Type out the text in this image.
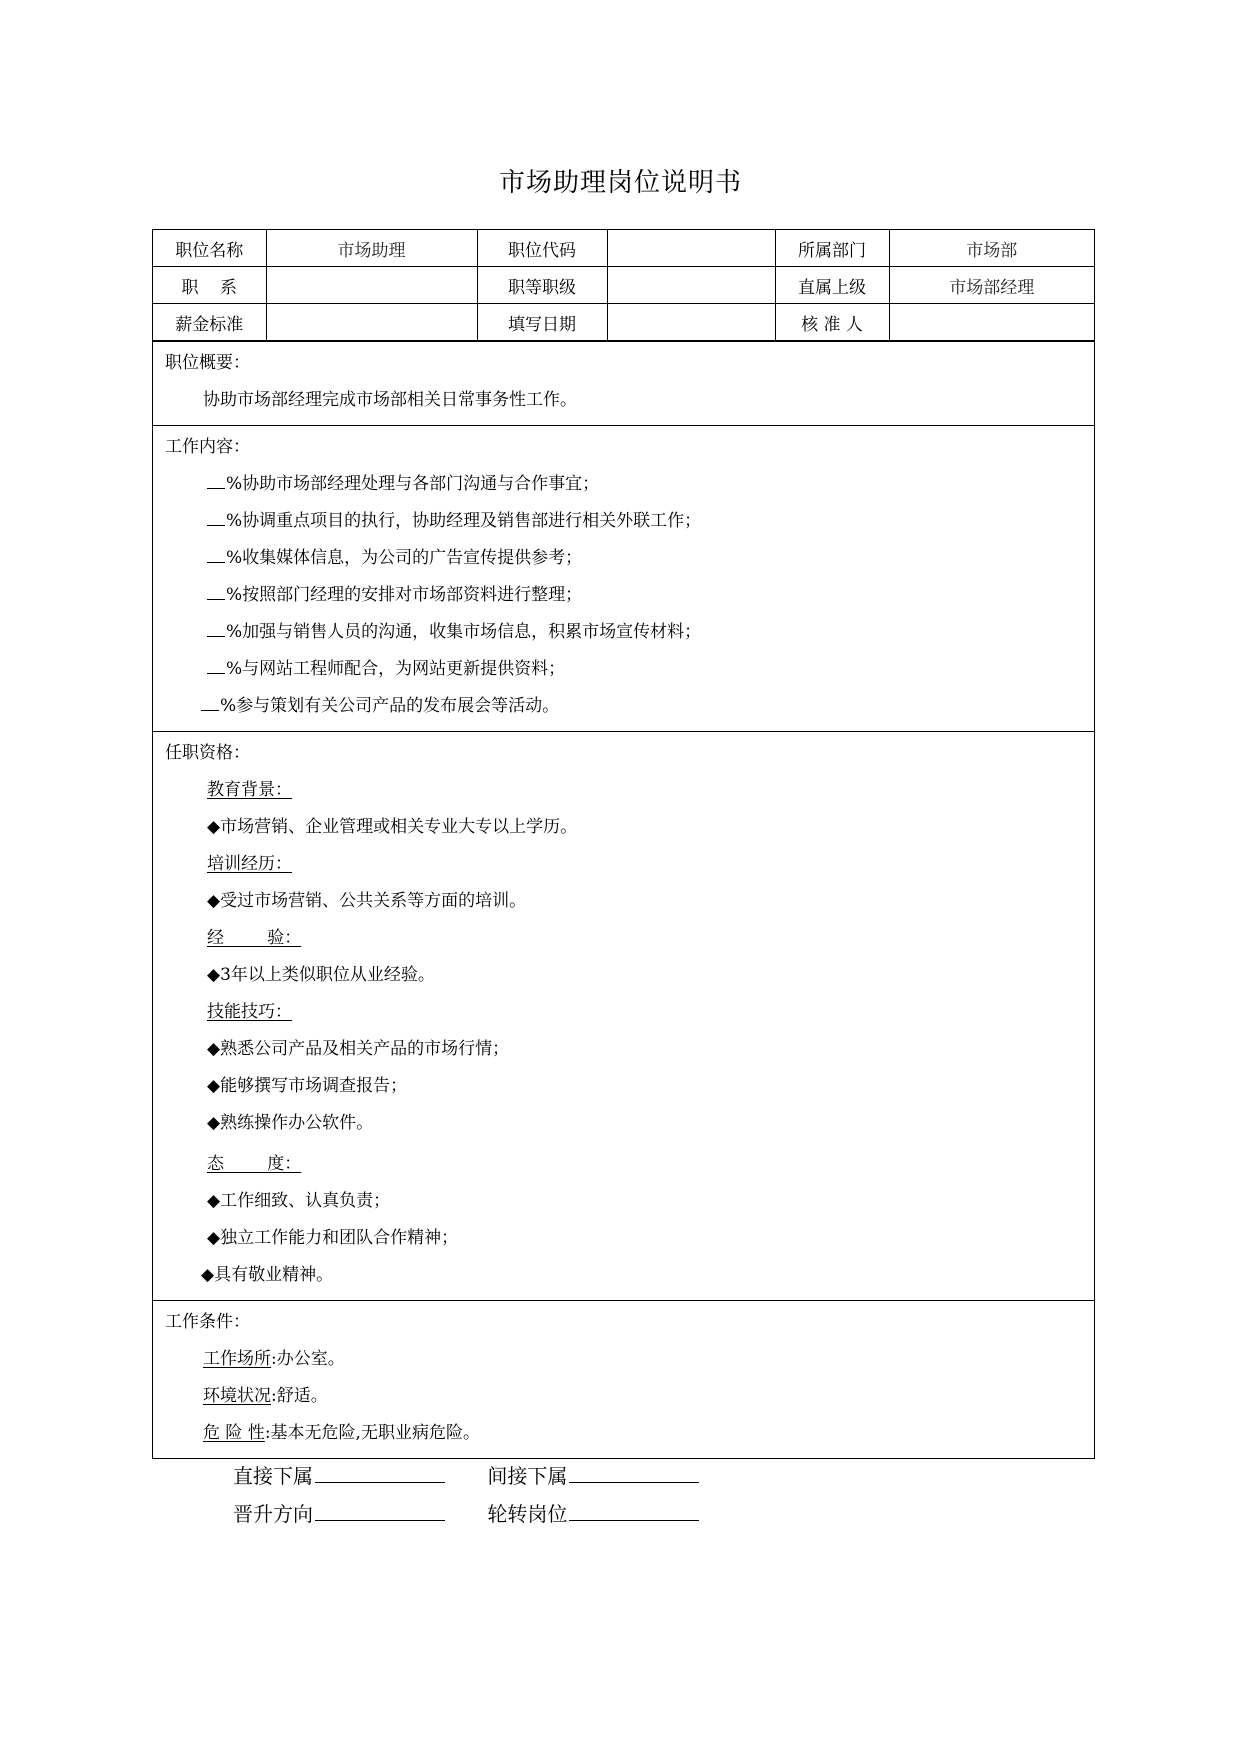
市场助理岗位说明书
职位名称	市场助理	职位代码		所属部门	市场部
职    系		职等职级		直属上级	市场部经理
薪金标准		填写日期		核 准 人	
职位概要：
协助市场部经理完成市场部相关日常事务性工作。
工作内容：
%协助市场部经理处理与各部门沟通与合作事宜；
%协调重点项目的执行，协助经理及销售部进行相关外联工作；
%收集媒体信息，为公司的广告宣传提供参考；
%按照部门经理的安排对市场部资料进行整理；
%加强与销售人员的沟通，收集市场信息，积累市场宣传材料；
%与网站工程师配合，为网站更新提供资料；
%参与策划有关公司产品的发布展会等活动。
任职资格：
教育背景：
◆市场营销、企业管理或相关专业大专以上学历。
培训经历：
◆受过市场营销、公共关系等方面的培训。
经        验：
◆3年以上类似职位从业经验。
技能技巧：
◆熟悉公司产品及相关产品的市场行情；
◆能够撰写市场调查报告；
◆熟练操作办公软件。
态        度：
◆工作细致、认真负责；
◆独立工作能力和团队合作精神；
◆具有敬业精神。
工作条件：
工作场所:办公室。
环境状况:舒适。
危 险 性:基本无危险,无职业病危险。
直接下属	间接下属
晋升方向	轮转岗位
